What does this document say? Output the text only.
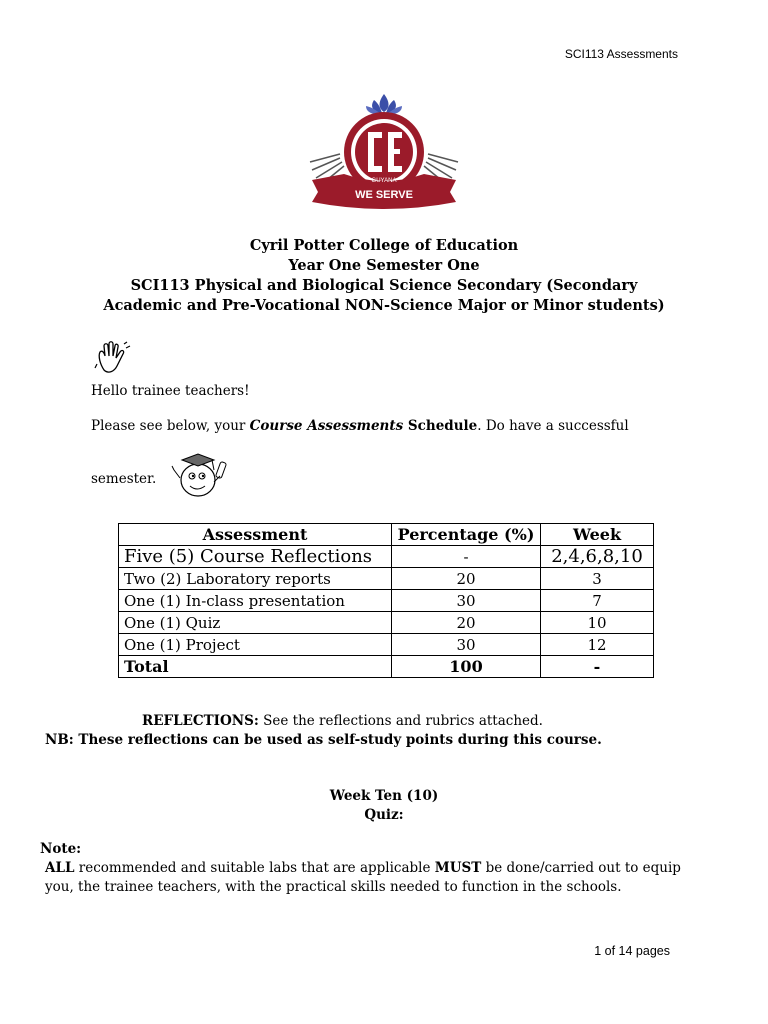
SCI113 Assessments
WE SERVE
GUYANA
Cyril Potter College of Education
Year One Semester One
SCI113 Physical and Biological Science Secondary (Secondary
Academic and Pre-Vocational NON-Science Major or Minor students)
Hello trainee teachers!
Please see below, your Course Assessments Schedule. Do have a successful
semester.
Assessment	Percentage (%)	Week
Five (5) Course Reflections	-	2,4,6,8,10
Two (2) Laboratory reports	20	3
One (1) In-class presentation	30	7
One (1) Quiz	20	10
One (1) Project	30	12
Total	100	-
REFLECTIONS: See the reflections and rubrics attached.
NB: These reflections can be used as self-study points during this course.
Week Ten (10)
Quiz:
Note:
ALL recommended and suitable labs that are applicable MUST be done/carried out to equip you, the trainee teachers, with the practical skills needed to function in the schools.
1 of 14 pages
